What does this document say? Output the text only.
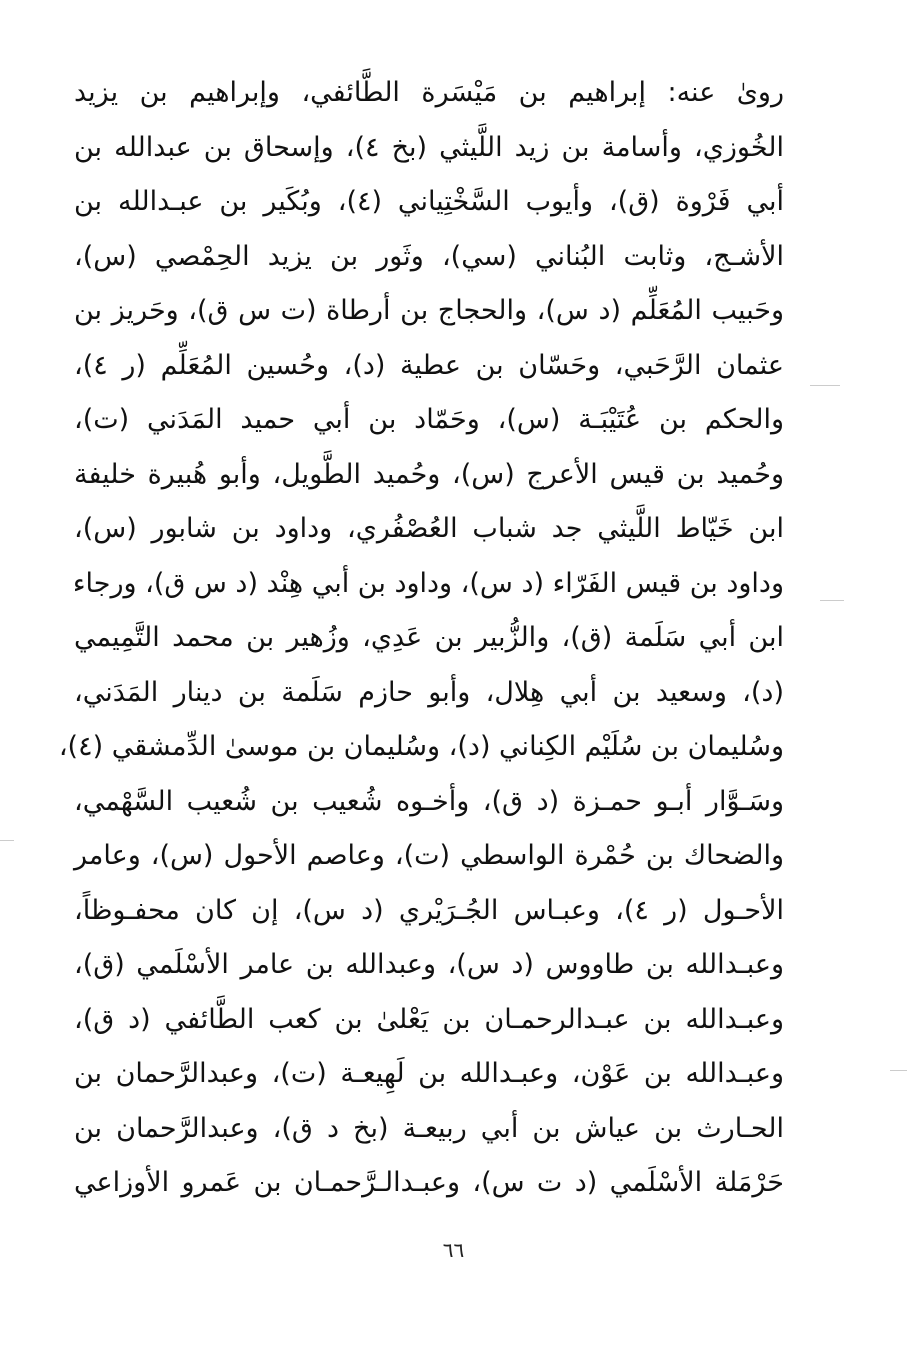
روىٰ عنه: إبراهيم بن مَيْسَرة الطَّائفي، وإبراهيم بن يزيد
الخُوزي، وأسامة بن زيد اللَّيثي (بخ ٤)، وإسحاق بن عبدالله بن
أبي فَرْوة (ق)، وأيوب السَّخْتِياني (٤)، وبُكَير بن عبـدالله بن
الأشـج، وثابت البُناني (سي)، وثَور بن يزيد الحِمْصي (س)،
وحَبيب المُعَلِّم (د س)، والحجاج بن أرطاة (ت س ق)، وحَريز بن
عثمان الرَّحَبي، وحَسّان بن عطية (د)، وحُسين المُعَلِّم (ر ٤)،
والحكم بن عُتَيْبَـة (س)، وحَمّاد بن أبي حميد المَدَني (ت)،
وحُميد بن قيس الأعرج (س)، وحُميد الطَّويل، وأبو هُبيرة خليفة
ابن خَيّاط اللَّيثي جد شباب العُصْفُري، وداود بن شابور (س)،
وداود بن قيس الفَرّاء (د س)، وداود بن أبي هِنْد (د س ق)، ورجاء
ابن أبي سَلَمة (ق)، والزُّبير بن عَدِي، وزُهير بن محمد التَّمِيمي
(د)، وسعيد بن أبي هِلال، وأبو حازم سَلَمة بن دينار المَدَني،
وسُليمان بن سُلَيْم الكِناني (د)، وسُليمان بن موسىٰ الدِّمشقي (٤)،
وسَـوَّار أبـو حمـزة (د ق)، وأخـوه شُعيب بن شُعيب السَّهْمي،
والضحاك بن حُمْرة الواسطي (ت)، وعاصم الأحول (س)، وعامر
الأحـول (ر ٤)، وعبـاس الجُـرَيْري (د س)، إن كان محفـوظاً،
وعبـدالله بن طاووس (د س)، وعبدالله بن عامر الأسْلَمي (ق)،
وعبـدالله بن عبـدالرحمـان بن يَعْلىٰ بن كعب الطَّائفي (د ق)،
وعبـدالله بن عَوْن، وعبـدالله بن لَهِيعـة (ت)، وعبدالرَّحمان بن
الحـارث بن عياش بن أبي ربيعـة (بخ د ق)، وعبدالرَّحمان بن
حَرْمَلة الأسْلَمي (د ت س)، وعبـدالـرَّحمـان بن عَمرو الأوزاعي
٦٦
